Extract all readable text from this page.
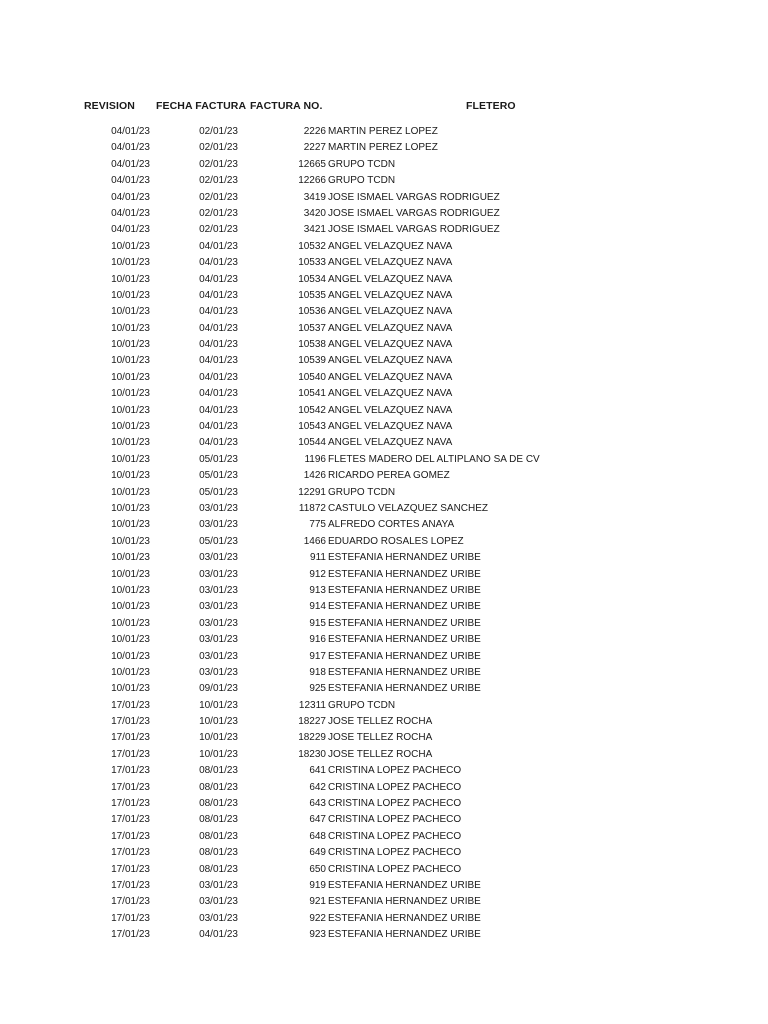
REVISION FECHA FACTURA FACTURA NO.	FLETERO
04/01/23	02/01/23	2226 MARTIN PEREZ LOPEZ
04/01/23	02/01/23	2227 MARTIN PEREZ LOPEZ
04/01/23	02/01/23	12665 GRUPO TCDN
04/01/23	02/01/23	12266 GRUPO TCDN
04/01/23	02/01/23	3419 JOSE ISMAEL VARGAS RODRIGUEZ
04/01/23	02/01/23	3420 JOSE ISMAEL VARGAS RODRIGUEZ
04/01/23	02/01/23	3421 JOSE ISMAEL VARGAS RODRIGUEZ
10/01/23	04/01/23	10532 ANGEL VELAZQUEZ NAVA
10/01/23	04/01/23	10533 ANGEL VELAZQUEZ NAVA
10/01/23	04/01/23	10534 ANGEL VELAZQUEZ NAVA
10/01/23	04/01/23	10535 ANGEL VELAZQUEZ NAVA
10/01/23	04/01/23	10536 ANGEL VELAZQUEZ NAVA
10/01/23	04/01/23	10537 ANGEL VELAZQUEZ NAVA
10/01/23	04/01/23	10538 ANGEL VELAZQUEZ NAVA
10/01/23	04/01/23	10539 ANGEL VELAZQUEZ NAVA
10/01/23	04/01/23	10540 ANGEL VELAZQUEZ NAVA
10/01/23	04/01/23	10541 ANGEL VELAZQUEZ NAVA
10/01/23	04/01/23	10542 ANGEL VELAZQUEZ NAVA
10/01/23	04/01/23	10543 ANGEL VELAZQUEZ NAVA
10/01/23	04/01/23	10544 ANGEL VELAZQUEZ NAVA
10/01/23	05/01/23	1196 FLETES MADERO DEL ALTIPLANO SA DE CV
10/01/23	05/01/23	1426 RICARDO PEREA GOMEZ
10/01/23	05/01/23	12291 GRUPO TCDN
10/01/23	03/01/23	11872 CASTULO VELAZQUEZ SANCHEZ
10/01/23	03/01/23	775 ALFREDO CORTES ANAYA
10/01/23	05/01/23	1466 EDUARDO ROSALES LOPEZ
10/01/23	03/01/23	911 ESTEFANIA HERNANDEZ URIBE
10/01/23	03/01/23	912 ESTEFANIA HERNANDEZ URIBE
10/01/23	03/01/23	913 ESTEFANIA HERNANDEZ URIBE
10/01/23	03/01/23	914 ESTEFANIA HERNANDEZ URIBE
10/01/23	03/01/23	915 ESTEFANIA HERNANDEZ URIBE
10/01/23	03/01/23	916 ESTEFANIA HERNANDEZ URIBE
10/01/23	03/01/23	917 ESTEFANIA HERNANDEZ URIBE
10/01/23	03/01/23	918 ESTEFANIA HERNANDEZ URIBE
10/01/23	09/01/23	925 ESTEFANIA HERNANDEZ URIBE
17/01/23	10/01/23	12311 GRUPO TCDN
17/01/23	10/01/23	18227 JOSE TELLEZ ROCHA
17/01/23	10/01/23	18229 JOSE TELLEZ ROCHA
17/01/23	10/01/23	18230 JOSE TELLEZ ROCHA
17/01/23	08/01/23	641 CRISTINA LOPEZ PACHECO
17/01/23	08/01/23	642 CRISTINA LOPEZ PACHECO
17/01/23	08/01/23	643 CRISTINA LOPEZ PACHECO
17/01/23	08/01/23	647 CRISTINA LOPEZ PACHECO
17/01/23	08/01/23	648 CRISTINA LOPEZ PACHECO
17/01/23	08/01/23	649 CRISTINA LOPEZ PACHECO
17/01/23	08/01/23	650 CRISTINA LOPEZ PACHECO
17/01/23	03/01/23	919 ESTEFANIA HERNANDEZ URIBE
17/01/23	03/01/23	921 ESTEFANIA HERNANDEZ URIBE
17/01/23	03/01/23	922 ESTEFANIA HERNANDEZ URIBE
17/01/23	04/01/23	923 ESTEFANIA HERNANDEZ URIBE
